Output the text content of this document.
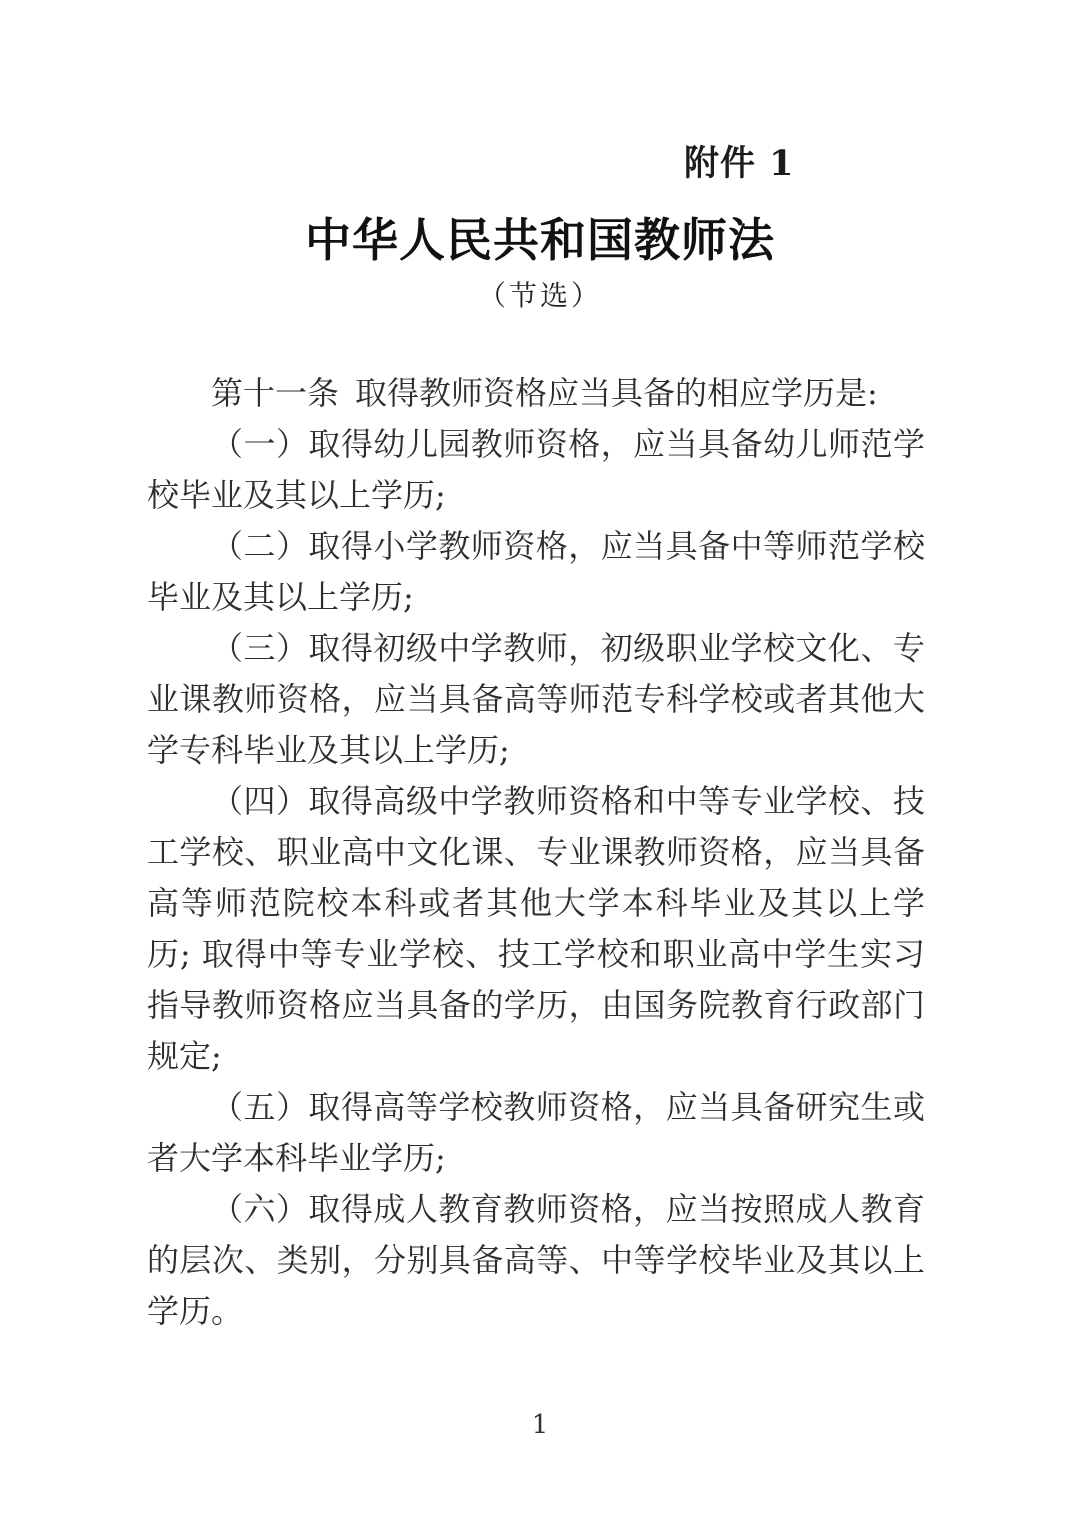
附件 1
中华人民共和国教师法
（节选）

第十一条 取得教师资格应当具备的相应学历是:

（一）取得幼儿园教师资格，应当具备幼儿师范学校毕业及其以上学历;

（二）取得小学教师资格，应当具备中等师范学校毕业及其以上学历;

（三）取得初级中学教师，初级职业学校文化、专业课教师资格，应当具备高等师范专科学校或者其他大学专科毕业及其以上学历;

（四）取得高级中学教师资格和中等专业学校、技工学校、职业高中文化课、专业课教师资格，应当具备高等师范院校本科或者其他大学本科毕业及其以上学历; 取得中等专业学校、技工学校和职业高中学生实习指导教师资格应当具备的学历，由国务院教育行政部门规定;

（五）取得高等学校教师资格，应当具备研究生或者大学本科毕业学历;

（六）取得成人教育教师资格，应当按照成人教育的层次、类别，分别具备高等、中等学校毕业及其以上学历。

1
